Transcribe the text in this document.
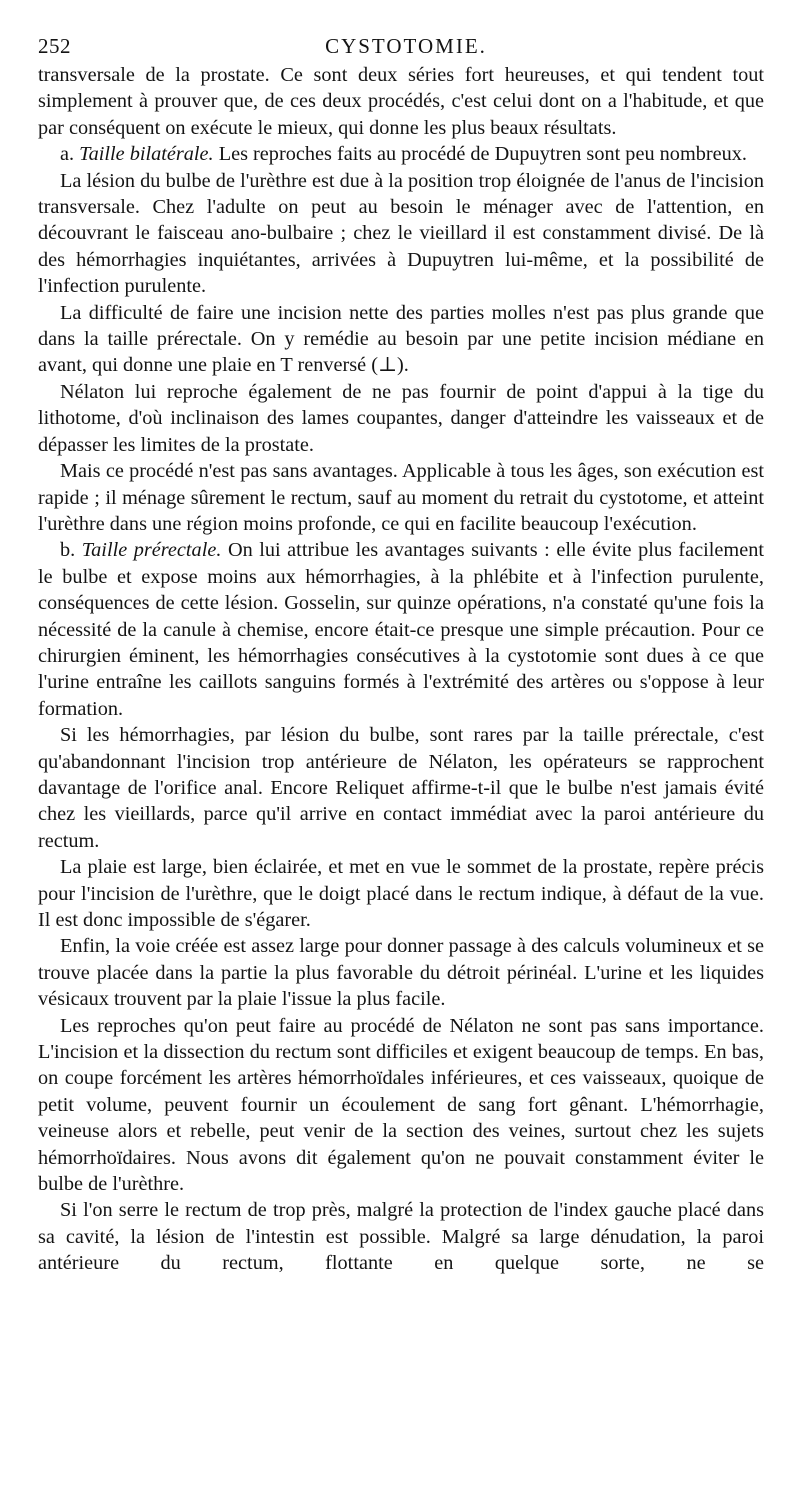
252	CYSTOTOMIE.

transversale de la prostate. Ce sont deux séries fort heureuses, et qui tendent tout simplement à prouver que, de ces deux procédés, c'est celui dont on a l'habitude, et que par conséquent on exécute le mieux, qui donne les plus beaux résultats.

a. Taille bilatérale. Les reproches faits au procédé de Dupuytren sont peu nombreux.

La lésion du bulbe de l'urèthre est due à la position trop éloignée de l'anus de l'incision transversale. Chez l'adulte on peut au besoin le ménager avec de l'attention, en découvrant le faisceau ano-bulbaire ; chez le vieillard il est constamment divisé. De là des hémorrhagies inquiétantes, arrivées à Dupuytren lui-même, et la possibilité de l'infection purulente.

La difficulté de faire une incision nette des parties molles n'est pas plus grande que dans la taille prérectale. On y remédie au besoin par une petite incision médiane en avant, qui donne une plaie en T renversé (⊥).

Nélaton lui reproche également de ne pas fournir de point d'appui à la tige du lithotome, d'où inclinaison des lames coupantes, danger d'atteindre les vaisseaux et de dépasser les limites de la prostate.

Mais ce procédé n'est pas sans avantages. Applicable à tous les âges, son exécution est rapide ; il ménage sûrement le rectum, sauf au moment du retrait du cystotome, et atteint l'urèthre dans une région moins profonde, ce qui en facilite beaucoup l'exécution.

b. Taille prérectale. On lui attribue les avantages suivants : elle évite plus facilement le bulbe et expose moins aux hémorrhagies, à la phlébite et à l'infection purulente, conséquences de cette lésion. Gosselin, sur quinze opérations, n'a constaté qu'une fois la nécessité de la canule à chemise, encore était-ce presque une simple précaution. Pour ce chirurgien éminent, les hémorrhagies consécutives à la cystotomie sont dues à ce que l'urine entraîne les caillots sanguins formés à l'extrémité des artères ou s'oppose à leur formation.

Si les hémorrhagies, par lésion du bulbe, sont rares par la taille prérectale, c'est qu'abandonnant l'incision trop antérieure de Nélaton, les opérateurs se rapprochent davantage de l'orifice anal. Encore Reliquet affirme-t-il que le bulbe n'est jamais évité chez les vieillards, parce qu'il arrive en contact immédiat avec la paroi antérieure du rectum.

La plaie est large, bien éclairée, et met en vue le sommet de la prostate, repère précis pour l'incision de l'urèthre, que le doigt placé dans le rectum indique, à défaut de la vue. Il est donc impossible de s'égarer.

Enfin, la voie créée est assez large pour donner passage à des calculs volumineux et se trouve placée dans la partie la plus favorable du détroit périnéal. L'urine et les liquides vésicaux trouvent par la plaie l'issue la plus facile.

Les reproches qu'on peut faire au procédé de Nélaton ne sont pas sans importance. L'incision et la dissection du rectum sont difficiles et exigent beaucoup de temps. En bas, on coupe forcément les artères hémorrhoïdales inférieures, et ces vaisseaux, quoique de petit volume, peuvent fournir un écoulement de sang fort gênant. L'hémorrhagie, veineuse alors et rebelle, peut venir de la section des veines, surtout chez les sujets hémorrhoïdaires. Nous avons dit également qu'on ne pouvait constamment éviter le bulbe de l'urèthre.

Si l'on serre le rectum de trop près, malgré la protection de l'index gauche placé dans sa cavité, la lésion de l'intestin est possible. Malgré sa large dénudation, la paroi antérieure du rectum, flottante en quelque sorte, ne se
